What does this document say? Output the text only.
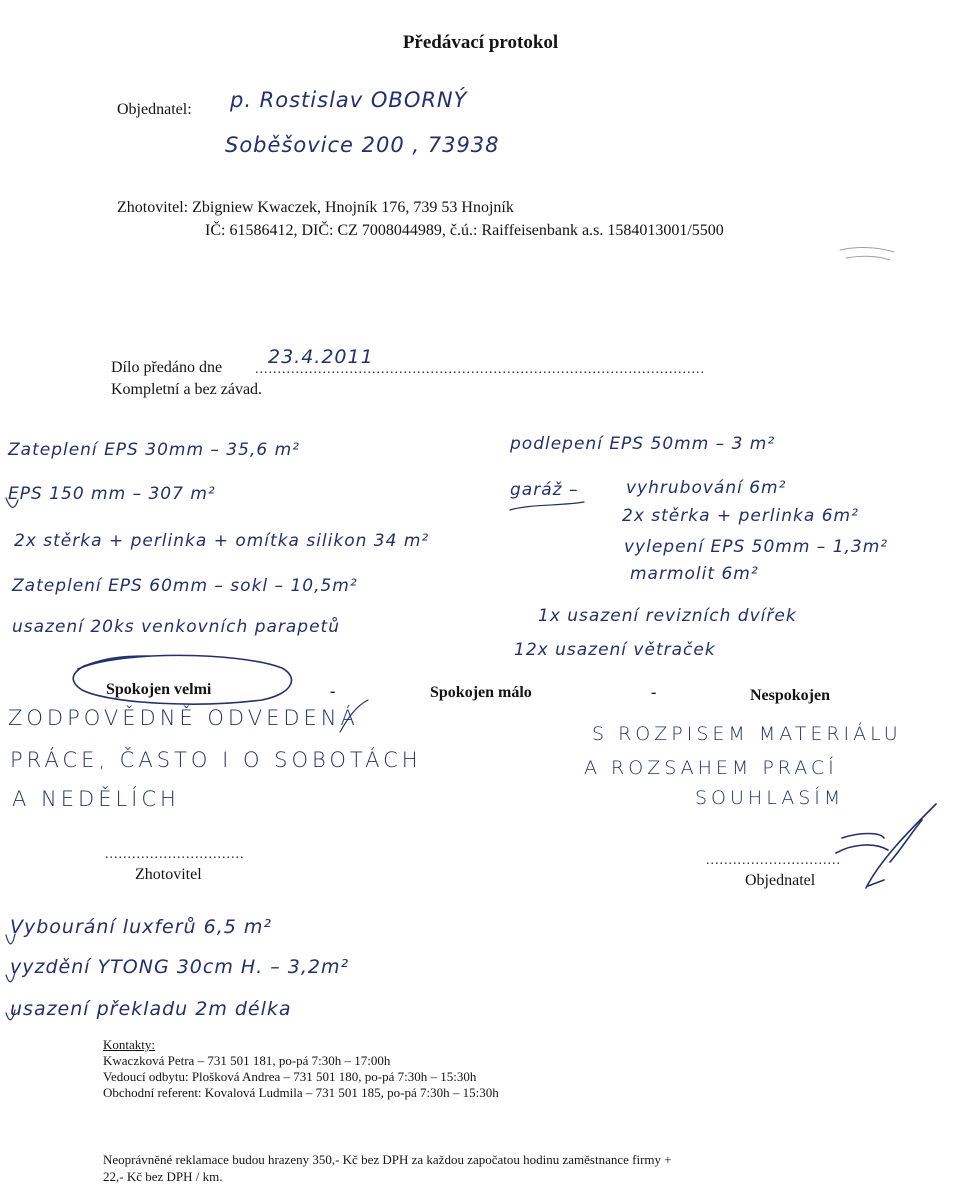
Předávací protokol
Objednatel: p. Rostislav OBORNÝ
Soběšovice 200 , 73938
Zhotovitel: Zbigniew Kwaczek, Hnojník 176, 739 53 Hnojník
IČ: 61586412, DIČ: CZ 7008044989, č.ú.: Raiffeisenbank a.s. 1584013001/5500
Dílo předáno dne ....................................................................................................
23.4.2011
Kompletní a bez závad.
Zateplení EPS 30mm – 35,6 m²
EPS 150 mm – 307 m²
2x stěrka + perlinka + omítka silikon 34 m²
Zateplení EPS 60mm – sokl – 10,5m²
usazení 20ks venkovních parapetů
podlepení EPS 50mm – 3 m²
garáž –	vyhrubování 6m²
2x stěrka + perlinka 6m²
vylepení EPS 50mm – 1,3m²
marmolit 6m²
1x usazení revizních dvířek
12x usazení větraček
Spokojen velmi	-	Spokojen málo	-	Nespokojen
ZODPOVĚDNĚ ODVEDENÁ
PRÁCE, ČASTO I O SOBOTÁCH
A NEDĚLÍCH
S ROZPISEM MATERIÁLU
A ROZSAHEM PRACÍ
SOUHLASÍM
...............................
Zhotovitel
..............................
Objednatel
Vybourání luxferů 6,5 m²
vyzdění YTONG 30cm H. – 3,2m²
usazení překladu 2m délka
Kontakty:
Kwaczková Petra – 731 501 181, po-pá 7:30h – 17:00h
Vedoucí odbytu: Plošková Andrea – 731 501 180, po-pá 7:30h – 15:30h
Obchodní referent: Kovalová Ludmila – 731 501 185, po-pá 7:30h – 15:30h
Neoprávněné reklamace budou hrazeny 350,- Kč bez DPH za každou započatou hodinu zaměstnance firmy +
22,- Kč bez DPH / km.
